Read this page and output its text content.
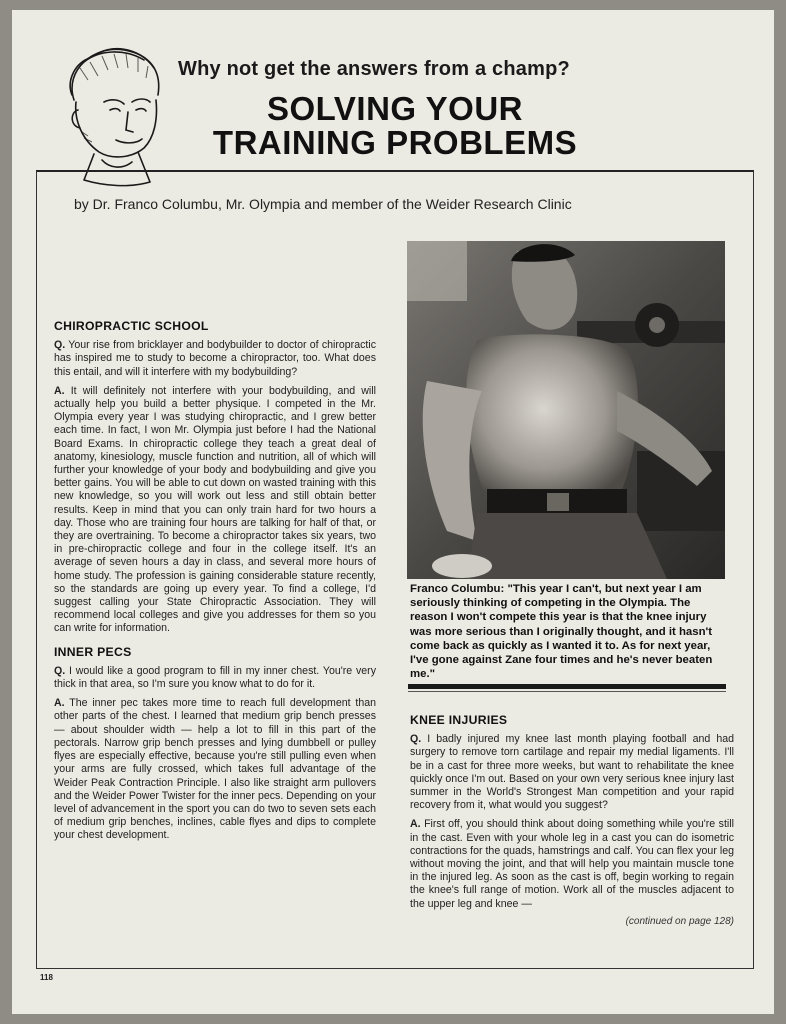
Why not get the answers from a champ?
SOLVING YOUR
TRAINING PROBLEMS
by Dr. Franco Columbu, Mr. Olympia and member of the Weider Research Clinic
CHIROPRACTIC SCHOOL

Q. Your rise from bricklayer and bodybuilder to doctor of chiropractic has inspired me to study to become a chiropractor, too. What does this entail, and will it interfere with my bodybuilding?

A. It will definitely not interfere with your bodybuilding, and will actually help you build a better physique. I competed in the Mr. Olympia every year I was studying chiropractic, and I grew better each time. In fact, I won Mr. Olympia just before I had the National Board Exams. In chiropractic college they teach a great deal of anatomy, kinesiology, muscle function and nutrition, all of which will further your knowledge of your body and bodybuilding and give you better gains. You will be able to cut down on wasted training with this new knowledge, so you will work out less and still obtain better results. Keep in mind that you can only train hard for two hours a day. Those who are training four hours are talking for half of that, or they are overtraining. To become a chiropractor takes six years, two in pre-chiropractic college and four in the college itself. It's an average of seven hours a day in class, and several more hours of home study. The profession is gaining considerable stature recently, so the standards are going up every year. To find a college, I'd suggest calling your State Chiropractic Association. They will recommend local colleges and give you addresses for them so you can write for information.

INNER PECS

Q. I would like a good program to fill in my inner chest. You're very thick in that area, so I'm sure you know what to do for it.

A. The inner pec takes more time to reach full development than other parts of the chest. I learned that medium grip bench presses — about shoulder width — help a lot to fill in this part of the pectorals. Narrow grip bench presses and lying dumbbell or pulley flyes are especially effective, because you're still pulling even when your arms are fully crossed, which takes full advantage of the Weider Peak Contraction Principle. I also like straight arm pullovers and the Weider Power Twister for the inner pecs. Depending on your level of advancement in the sport you can do two to seven sets each of medium grip benches, inclines, cable flyes and dips to complete your chest development.

Franco Columbu: "This year I can't, but next year I am seriously thinking of competing in the Olympia. The reason I won't compete this year is that the knee injury was more serious than I originally thought, and it hasn't come back as quickly as I wanted it to. As for next year, I've gone against Zane four times and he's never beaten me."
KNEE INJURIES

Q. I badly injured my knee last month playing football and had surgery to remove torn cartilage and repair my medial ligaments. I'll be in a cast for three more weeks, but want to rehabilitate the knee quickly once I'm out. Based on your own very serious knee injury last summer in the World's Strongest Man competition and your rapid recovery from it, what would you suggest?

A. First off, you should think about doing something while you're still in the cast. Even with your whole leg in a cast you can do isometric contractions for the quads, hamstrings and calf. You can flex your leg without moving the joint, and that will help you maintain muscle tone in the injured leg. As soon as the cast is off, begin working to regain the knee's full range of motion. Work all of the muscles adjacent to the upper leg and knee —

(continued on page 128)
118
